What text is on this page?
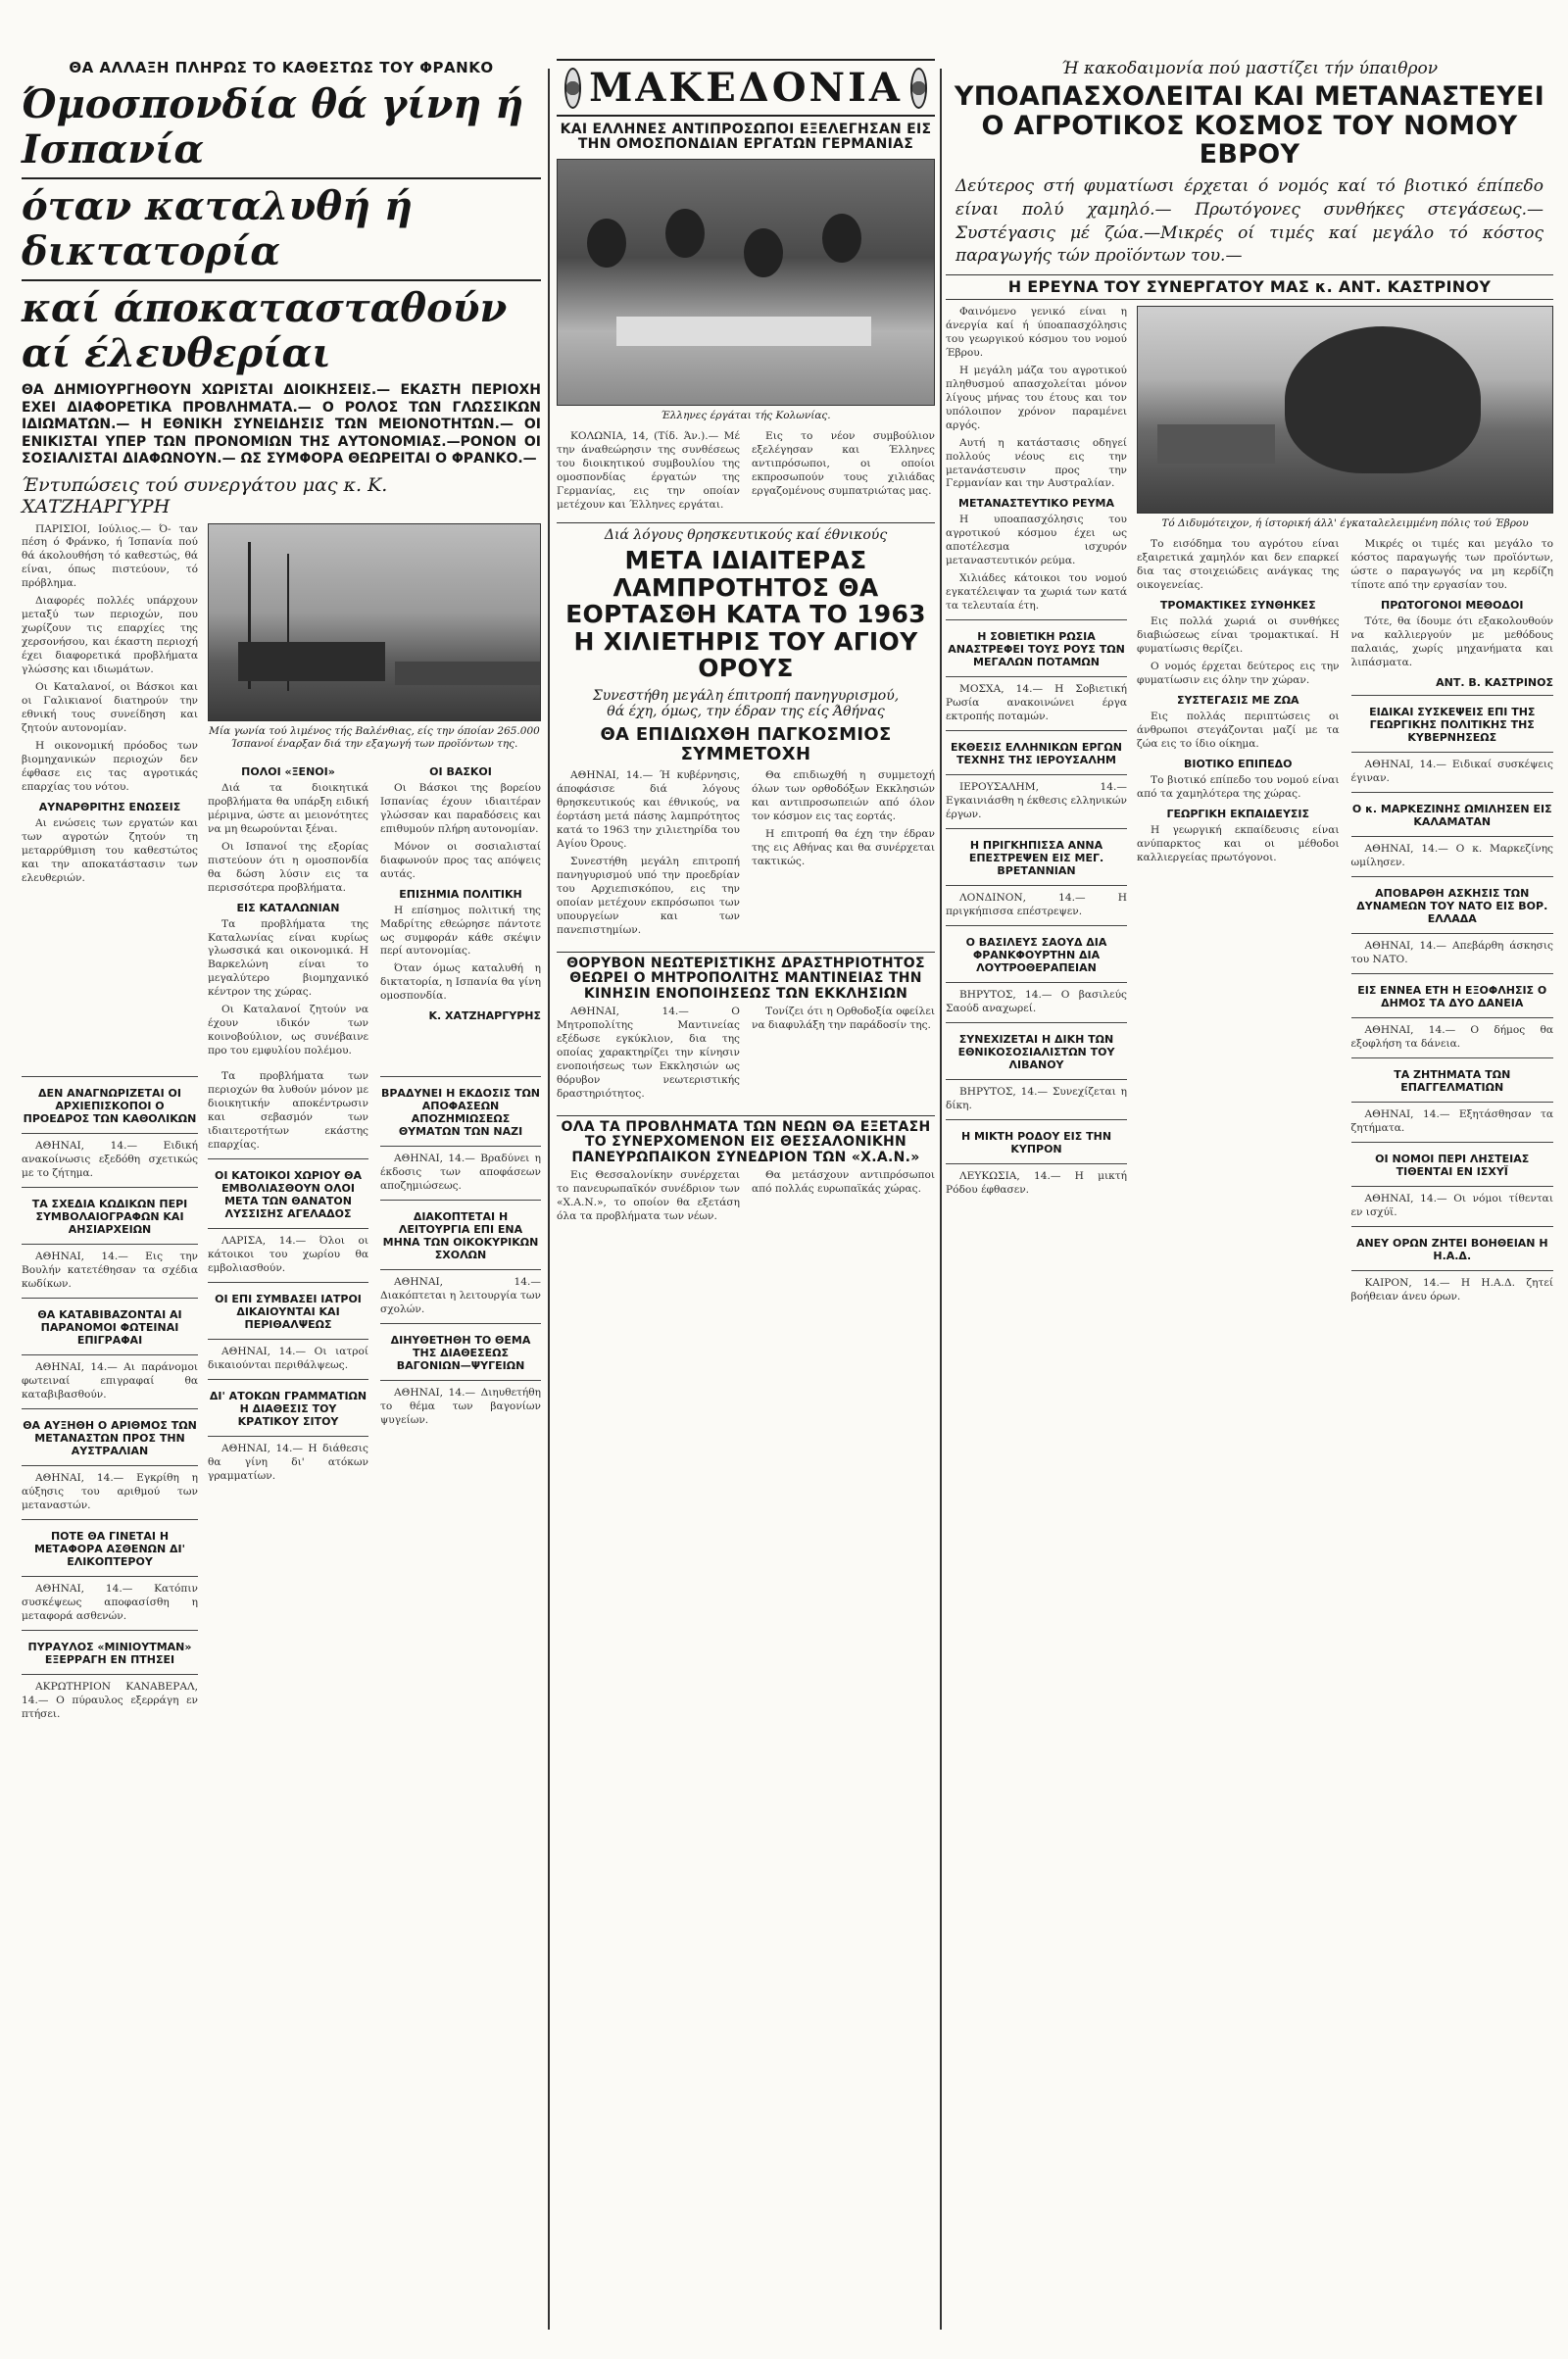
ΘΑ ΑΛΛΑΞΗ ΠΛΗΡΩΣ ΤΟ ΚΑΘΕΣΤΩΣ ΤΟΥ ΦΡΑΝΚΟ
Όμοσπονδία θά γίνη ή Ισπανία
όταν καταλυθή ή δικτατορία
καί άποκατασταθούν αί έλευθερίαι
ΘΑ ΔΗΜΙΟΥΡΓΗΘΟΥΝ ΧΩΡΙΣΤΑΙ ΔΙΟΙΚΗΣΕΙΣ.— ΕΚΑΣΤΗ ΠΕΡΙΟΧΗ ΕΧΕΙ ΔΙΑΦΟΡΕΤΙΚΑ ΠΡΟΒΛΗΜΑΤΑ.— Ο ΡΟΛΟΣ ΤΩΝ ΓΛΩΣΣΙΚΩΝ ΙΔΙΩΜΑΤΩΝ.— Η ΕΘΝΙΚΗ ΣΥΝΕΙΔΗΣΙΣ ΤΩΝ ΜΕΙΟΝΟΤΗΤΩΝ.— ΟΙ ΕΝΙΚΙΣΤΑΙ ΥΠΕΡ ΤΩΝ ΠΡΟΝΟΜΙΩΝ ΤΗΣ ΑΥΤΟΝΟΜΙΑΣ.—ΡΟΝΟΝ ΟΙ ΣΟΣΙΑΛΙΣΤΑΙ ΔΙΑΦΩΝΟΥΝ.— ΩΣ ΣΥΜΦΟΡΑ ΘΕΩΡΕΙΤΑΙ Ο ΦΡΑΝΚΟ.—
Έντυπώσεις τού συνεργάτου μας κ. Κ. ΧΑΤΖΗΑΡΓΥΡΗ

ΠΑΡΙΣΙΟΙ, Ιούλιος.— Ό- ταν πέση ό Φράνκο, ή Ίσπανία πού θά άκολουθήση τό καθεστώς, θά είναι, όπως πιστεύουν, τό πρόβλημα.

Διαφορές πολλές υπάρχουν μεταξύ των περιοχών, που χωρίζουν τις επαρχίες της χερσονήσου, και έκαστη περιοχή έχει διαφορετικά προβλήματα γλώσσης και ιδιωμάτων.

Οι Καταλανοί, οι Βάσκοι και οι Γαλικιανοί διατηρούν την εθνική τους συνείδηση και ζητούν αυτονομίαν.

Η οικονομική πρόοδος των βιομηχανικών περιοχών δεν έφθασε εις τας αγροτικάς επαρχίας του νότου.

ΑΥΝΑΡΘΡΙΤΗΣ ΕΝΩΣΕΙΣ

Αι ενώσεις των εργατών και των αγροτών ζητούν τη μεταρρύθμιση του καθεστώτος και την αποκατάστασιν των ελευθεριών.

Μία γωνία τού λιμένος τής Βαλένθιας, είς την όποίαν 265.000 Ίσπανοί έναρξαν διά την εξαγωγή των προϊόντων της.
ΠΟΛΟΙ «ΞΕΝΟΙ»

Διά τα διοικητικά προβλήματα θα υπάρξη ειδική μέριμνα, ώστε αι μειονότητες να μη θεωρούνται ξέναι.

Οι Ισπανοί της εξορίας πιστεύουν ότι η ομοσπονδία θα δώση λύσιν εις τα περισσότερα προβλήματα.

ΕΙΣ ΚΑΤΑΛΩΝΙΑΝ

Τα προβλήματα της Καταλωνίας είναι κυρίως γλωσσικά και οικονομικά. Η Βαρκελώνη είναι το μεγαλύτερο βιομηχανικό κέντρον της χώρας.

Οι Καταλανοί ζητούν να έχουν ιδικόν των κοινοβούλιον, ως συνέβαινε προ του εμφυλίου πολέμου.

ΟΙ ΒΑΣΚΟΙ

Οι Βάσκοι της βορείου Ισπανίας έχουν ιδιαιτέραν γλώσσαν και παραδόσεις και επιθυμούν πλήρη αυτονομίαν.

Μόνον οι σοσιαλισταί διαφωνούν προς τας απόψεις αυτάς.

ΕΠΙΣΗΜΙΑ ΠΟΛΙΤΙΚΗ

Η επίσημος πολιτική της Μαδρίτης εθεώρησε πάντοτε ως συμφοράν κάθε σκέψιν περί αυτονομίας.

Όταν όμως καταλυθή η δικτατορία, η Ισπανία θα γίνη ομοσπονδία.

Κ. ΧΑΤΖΗΑΡΓΥΡΗΣ
ΔΕΝ ΑΝΑΓΝΩΡΙΖΕΤΑΙ ΟΙ ΑΡΧΙΕΠΙΣΚΟΠΟΙ Ο ΠΡΟΕΔΡΟΣ ΤΩΝ ΚΑΘΟΛΙΚΩΝ

ΑΘΗΝΑΙ, 14.— Ειδική ανακοίνωσις εξεδόθη σχετικώς με το ζήτημα.

ΤΑ ΣΧΕΔΙΑ ΚΩΔΙΚΩΝ ΠΕΡΙ ΣΥΜΒΟΛΑΙΟΓΡΑΦΩΝ ΚΑΙ ΑΗΣΙΑΡΧΕΙΩΝ

ΑΘΗΝΑΙ, 14.— Εις την Βουλήν κατετέθησαν τα σχέδια κωδίκων.

ΘΑ ΚΑΤΑΒΙΒΑΖΟΝΤΑΙ ΑΙ ΠΑΡΑΝΟΜΟΙ ΦΩΤΕΙΝΑΙ ΕΠΙΓΡΑΦΑΙ

ΑΘΗΝΑΙ, 14.— Αι παράνομοι φωτειναί επιγραφαί θα καταβιβασθούν.

ΘΑ ΑΥΞΗΘΗ Ο ΑΡΙΘΜΟΣ ΤΩΝ ΜΕΤΑΝΑΣΤΩΝ ΠΡΟΣ ΤΗΝ ΑΥΣΤΡΑΛΙΑΝ

ΑΘΗΝΑΙ, 14.— Εγκρίθη η αύξησις του αριθμού των μεταναστών.

ΠΟΤΕ ΘΑ ΓΙΝΕΤΑΙ Η ΜΕΤΑΦΟΡΑ ΑΣΘΕΝΩΝ ΔΙ' ΕΛΙΚΟΠΤΕΡΟΥ

ΑΘΗΝΑΙ, 14.— Κατόπιν συσκέψεως αποφασίσθη η μεταφορά ασθενών.

ΠΥΡΑΥΛΟΣ «ΜΙΝΙΟΥΤΜΑΝ» ΕΞΕΡΡΑΓΗ ΕΝ ΠΤΗΣΕΙ

ΑΚΡΩΤΗΡΙΟΝ ΚΑΝΑΒΕΡΑΛ, 14.— Ο πύραυλος εξερράγη εν πτήσει.

Τα προβλήματα των περιοχών θα λυθούν μόνον με διοικητικήν αποκέντρωσιν και σεβασμόν των ιδιαιτεροτήτων εκάστης επαρχίας.

ΟΙ ΚΑΤΟΙΚΟΙ ΧΩΡΙΟΥ ΘΑ ΕΜΒΟΛΙΑΣΘΟΥΝ ΟΛΟΙ ΜΕΤΑ ΤΩΝ ΘΑΝΑΤΟΝ ΛΥΣΣΙΣΗΣ ΑΓΕΛΑΔΟΣ

ΛΑΡΙΣΑ, 14.— Όλοι οι κάτοικοι του χωρίου θα εμβολιασθούν.

ΟΙ ΕΠΙ ΣΥΜΒΑΣΕΙ ΙΑΤΡΟΙ ΔΙΚΑΙΟΥΝΤΑΙ ΚΑΙ ΠΕΡΙΘΑΛΨΕΩΣ

ΑΘΗΝΑΙ, 14.— Οι ιατροί δικαιούνται περιθάλψεως.

ΔΙ' ΑΤΟΚΩΝ ΓΡΑΜΜΑΤΙΩΝ Η ΔΙΑΘΕΣΙΣ ΤΟΥ ΚΡΑΤΙΚΟΥ ΣΙΤΟΥ

ΑΘΗΝΑΙ, 14.— Η διάθεσις θα γίνη δι' ατόκων γραμματίων.

ΒΡΑΔΥΝΕΙ Η ΕΚΔΟΣΙΣ ΤΩΝ ΑΠΟΦΑΣΕΩΝ ΑΠΟΖΗΜΙΩΣΕΩΣ ΘΥΜΑΤΩΝ ΤΩΝ ΝΑΖΙ

ΑΘΗΝΑΙ, 14.— Βραδύνει η έκδοσις των αποφάσεων αποζημιώσεως.

ΔΙΑΚΟΠΤΕΤΑΙ Η ΛΕΙΤΟΥΡΓΙΑ ΕΠΙ ΕΝΑ ΜΗΝΑ ΤΩΝ ΟΙΚΟΚΥΡΙΚΩΝ ΣΧΟΛΩΝ

ΑΘΗΝΑΙ, 14.— Διακόπτεται η λειτουργία των σχολών.

ΔΙΗΥΘΕΤΗΘΗ ΤΟ ΘΕΜΑ ΤΗΣ ΔΙΑΘΕΣΕΩΣ ΒΑΓΟΝΙΩΝ—ΨΥΓΕΙΩΝ

ΑΘΗΝΑΙ, 14.— Διηυθετήθη το θέμα των βαγονίων ψυγείων.

ΜΑΚΕΔΟΝΙΑ
ΚΑΙ ΕΛΛΗΝΕΣ ΑΝΤΙΠΡΟΣΩΠΟΙ ΕΞΕΛΕΓΗΣΑΝ ΕΙΣ ΤΗΝ ΟΜΟΣΠΟΝΔΙΑΝ ΕΡΓΑΤΩΝ ΓΕΡΜΑΝΙΑΣ
Έλληνες έργάται τής Κολωνίας.

ΚΟΛΩΝΙΑ, 14, (Τίδ. Άν.).— Μέ την άναθεώρησιν της συνθέσεως του διοικητικού συμβουλίου της ομοσπονδίας έργατών της Γερμανίας, εις την οποίαν μετέχουν και Έλληνες εργάται.

Εις το νέον συμβούλιον εξελέγησαν και Έλληνες αντιπρόσωποι, οι οποίοι εκπροσωπούν τους χιλιάδας εργαζομένους συμπατριώτας μας.

Διά λόγους θρησκευτικούς καί έθνικούς
ΜΕΤΑ ΙΔΙΑΙΤΕΡΑΣ ΛΑΜΠΡΟΤΗΤΟΣ ΘΑ ΕΟΡΤΑΣΘΗ ΚΑΤΑ ΤΟ 1963 Η ΧΙΛΙΕΤΗΡΙΣ ΤΟΥ ΑΓΙΟΥ ΟΡΟΥΣ
Συνεστήθη μεγάλη έπιτροπή πανηγυρισμού,
θά έχη, όμως, την έδραν της είς Άθήνας
ΘΑ ΕΠΙΔΙΩΧΘΗ ΠΑΓΚΟΣΜΙΟΣ ΣΥΜΜΕΤΟΧΗ

ΑΘΗΝΑΙ, 14.— Ή κυβέρνησις, άποφάσισε διά λόγους θρησκευτικούς και έθνικούς, να έορτάση μετά πάσης λαμπρότητος κατά το 1963 την χιλιετηρίδα του Αγίου Όρους.

Συνεστήθη μεγάλη επιτροπή πανηγυρισμού υπό την προεδρίαν του Αρχιεπισκόπου, εις την οποίαν μετέχουν εκπρόσωποι των υπουργείων και των πανεπιστημίων.

Θα επιδιωχθή η συμμετοχή όλων των ορθοδόξων Εκκλησιών και αντιπροσωπειών από όλον τον κόσμον εις τας εορτάς.

Η επιτροπή θα έχη την έδραν της εις Αθήνας και θα συνέρχεται τακτικώς.

ΘΟΡΥΒΟΝ ΝΕΩΤΕΡΙΣΤΙΚΗΣ ΔΡΑΣΤΗΡΙΟΤΗΤΟΣ ΘΕΩΡΕΙ Ο ΜΗΤΡΟΠΟΛΙΤΗΣ ΜΑΝΤΙΝΕΙΑΣ ΤΗΝ ΚΙΝΗΣΙΝ ΕΝΟΠΟΙΗΣΕΩΣ ΤΩΝ ΕΚΚΛΗΣΙΩΝ

ΑΘΗΝΑΙ, 14.— Ο Μητροπολίτης Μαντινείας εξέδωσε εγκύκλιον, δια της οποίας χαρακτηρίζει την κίνησιν ενοποιήσεως των Εκκλησιών ως θόρυβον νεωτεριστικής δραστηριότητος.

Τονίζει ότι η Ορθοδοξία οφείλει να διαφυλάξη την παράδοσίν της.

ΟΛΑ ΤΑ ΠΡΟΒΛΗΜΑΤΑ ΤΩΝ ΝΕΩΝ ΘΑ ΕΞΕΤΑΣΗ ΤΟ ΣΥΝΕΡΧΟΜΕΝΟΝ ΕΙΣ ΘΕΣΣΑΛΟΝΙΚΗΝ ΠΑΝΕΥΡΩΠΑΙΚΟΝ ΣΥΝΕΔΡΙΟΝ ΤΩΝ «Χ.Α.Ν.»

Εις Θεσσαλονίκην συνέρχεται το πανευρωπαϊκόν συνέδριον των «Χ.Α.Ν.», το οποίον θα εξετάση όλα τα προβλήματα των νέων.

Θα μετάσχουν αντιπρόσωποι από πολλάς ευρωπαϊκάς χώρας.

Ή κακοδαιμονία πού μαστίζει τήν ύπαιθρον
ΥΠΟΑΠΑΣΧΟΛΕΙΤΑΙ ΚΑΙ ΜΕΤΑΝΑΣΤΕΥΕΙ Ο ΑΓΡΟΤΙΚΟΣ ΚΟΣΜΟΣ ΤΟΥ ΝΟΜΟΥ ΕΒΡΟΥ
Δεύτερος στή φυματίωσι έρχεται ό νομός καί τό βιοτικό έπίπεδο είναι πολύ χαμηλό.— Πρωτόγονες συνθήκες στεγάσεως.— Συστέγασις μέ ζώα.—Μικρές οί τιμές καί μεγάλο τό κόστος παραγωγής τών προϊόντων του.—
Η ΕΡΕΥΝΑ ΤΟΥ ΣΥΝΕΡΓΑΤΟΥ ΜΑΣ κ. ΑΝΤ. ΚΑΣΤΡΙΝΟΥ

Φαινόμενο γενικό είναι η άνεργία καί ή ύποαπασχόλησις του γεωργικού κόσμου του νομού Έβρου.

Η μεγάλη μάζα του αγροτικού πληθυσμού απασχολείται μόνον λίγους μήνας του έτους και τον υπόλοιπον χρόνον παραμένει αργός.

Αυτή η κατάστασις οδηγεί πολλούς νέους εις την μετανάστευσιν προς την Γερμανίαν και την Αυστραλίαν.

ΜΕΤΑΝΑΣΤΕΥΤΙΚΟ ΡΕΥΜΑ

Η υποαπασχόλησις του αγροτικού κόσμου έχει ως αποτέλεσμα ισχυρόν μεταναστευτικόν ρεύμα.

Χιλιάδες κάτοικοι του νομού εγκατέλειψαν τα χωριά των κατά τα τελευταία έτη.

Η ΣΟΒΙΕΤΙΚΗ ΡΩΣΙΑ ΑΝΑΣΤΡΕΦΕΙ ΤΟΥΣ ΡΟΥΣ ΤΩΝ ΜΕΓΑΛΩΝ ΠΟΤΑΜΩΝ

ΜΟΣΧΑ, 14.— Η Σοβιετική Ρωσία ανακοινώνει έργα εκτροπής ποταμών.

ΕΚΘΕΣΙΣ ΕΛΛΗΝΙΚΩΝ ΕΡΓΩΝ ΤΕΧΝΗΣ ΤΗΣ ΙΕΡΟΥΣΑΛΗΜ

ΙΕΡΟΥΣΑΛΗΜ, 14.— Εγκαινιάσθη η έκθεσις ελληνικών έργων.

Η ΠΡΙΓΚΗΠΙΣΣΑ ΑΝΝΑ ΕΠΕΣΤΡΕΨΕΝ ΕΙΣ ΜΕΓ. ΒΡΕΤΑΝΝΙΑΝ

ΛΟΝΔΙΝΟΝ, 14.— Η πριγκήπισσα επέστρεψεν.

Ο ΒΑΣΙΛΕΥΣ ΣΑΟΥΔ ΔΙΑ ΦΡΑΝΚΦΟΥΡΤΗΝ ΔΙΑ ΛΟΥΤΡΟΘΕΡΑΠΕΙΑΝ

ΒΗΡΥΤΟΣ, 14.— Ο βασιλεύς Σαούδ αναχωρεί.

ΣΥΝΕΧΙΖΕΤΑΙ Η ΔΙΚΗ ΤΩΝ ΕΘΝΙΚΟΣΟΣΙΑΛΙΣΤΩΝ ΤΟΥ ΛΙΒΑΝΟΥ

ΒΗΡΥΤΟΣ, 14.— Συνεχίζεται η δίκη.

Η ΜΙΚΤΗ ΡΟΔΟΥ ΕΙΣ ΤΗΝ ΚΥΠΡΟΝ

ΛΕΥΚΩΣΙΑ, 14.— Η μικτή Ρόδου έφθασεν.

Τό Διδυμότειχον, ή ίστορική άλλ' έγκαταλελειμμένη πόλις τού Έβρου

Το εισόδημα του αγρότου είναι εξαιρετικά χαμηλόν και δεν επαρκεί δια τας στοιχειώδεις ανάγκας της οικογενείας.

ΤΡΟΜΑΚΤΙΚΕΣ ΣΥΝΘΗΚΕΣ

Εις πολλά χωριά οι συνθήκες διαβιώσεως είναι τρομακτικαί. Η φυματίωσις θερίζει.

Ο νομός έρχεται δεύτερος εις την φυματίωσιν εις όλην την χώραν.

ΣΥΣΤΕΓΑΣΙΣ ΜΕ ΖΩΑ

Εις πολλάς περιπτώσεις οι άνθρωποι στεγάζονται μαζί με τα ζώα εις το ίδιο οίκημα.

ΒΙΟΤΙΚΟ ΕΠΙΠΕΔΟ

Το βιοτικό επίπεδο του νομού είναι από τα χαμηλότερα της χώρας.

ΓΕΩΡΓΙΚΗ ΕΚΠΑΙΔΕΥΣΙΣ

Η γεωργική εκπαίδευσις είναι ανύπαρκτος και οι μέθοδοι καλλιεργείας πρωτόγονοι.

Μικρές οι τιμές και μεγάλο το κόστος παραγωγής των προϊόντων, ώστε ο παραγωγός να μη κερδίζη τίποτε από την εργασίαν του.

ΠΡΩΤΟΓΟΝΟΙ ΜΕΘΟΔΟΙ

Τότε, θα ίδουμε ότι εξακολουθούν να καλλιεργούν με μεθόδους παλαιάς, χωρίς μηχανήματα και λιπάσματα.

ΑΝΤ. Β. ΚΑΣΤΡΙΝΟΣ
ΕΙΔΙΚΑΙ ΣΥΣΚΕΨΕΙΣ ΕΠΙ ΤΗΣ ΓΕΩΡΓΙΚΗΣ ΠΟΛΙΤΙΚΗΣ ΤΗΣ ΚΥΒΕΡΝΗΣΕΩΣ

ΑΘΗΝΑΙ, 14.— Ειδικαί συσκέψεις έγιναν.

Ο κ. ΜΑΡΚΕΖΙΝΗΣ ΩΜΙΛΗΣΕΝ ΕΙΣ ΚΑΛΑΜΑΤΑΝ

ΑΘΗΝΑΙ, 14.— Ο κ. Μαρκεζίνης ωμίλησεν.

ΑΠΟΒΑΡΘΗ ΑΣΚΗΣΙΣ ΤΩΝ ΔΥΝΑΜΕΩΝ ΤΟΥ ΝΑΤΟ ΕΙΣ ΒΟΡ. ΕΛΛΑΔΑ

ΑΘΗΝΑΙ, 14.— Απεβάρθη άσκησις του ΝΑΤΟ.

ΕΙΣ ΕΝΝΕΑ ΕΤΗ Η ΕΞΟΦΛΗΣΙΣ Ο ΔΗΜΟΣ ΤΑ ΔΥΟ ΔΑΝΕΙΑ

ΑΘΗΝΑΙ, 14.— Ο δήμος θα εξοφλήση τα δάνεια.

ΤΑ ΖΗΤΗΜΑΤΑ ΤΩΝ ΕΠΑΓΓΕΛΜΑΤΙΩΝ

ΑΘΗΝΑΙ, 14.— Εξητάσθησαν τα ζητήματα.

ΟΙ ΝΟΜΟΙ ΠΕΡΙ ΛΗΣΤΕΙΑΣ ΤΙΘΕΝΤΑΙ ΕΝ ΙΣΧΥΪ

ΑΘΗΝΑΙ, 14.— Οι νόμοι τίθενται εν ισχύϊ.

ΑΝΕΥ ΟΡΩΝ ΖΗΤΕΙ ΒΟΗΘΕΙΑΝ Η Η.Α.Δ.

ΚΑΙΡΟΝ, 14.— Η Η.Α.Δ. ζητεί βοήθειαν άνευ όρων.
